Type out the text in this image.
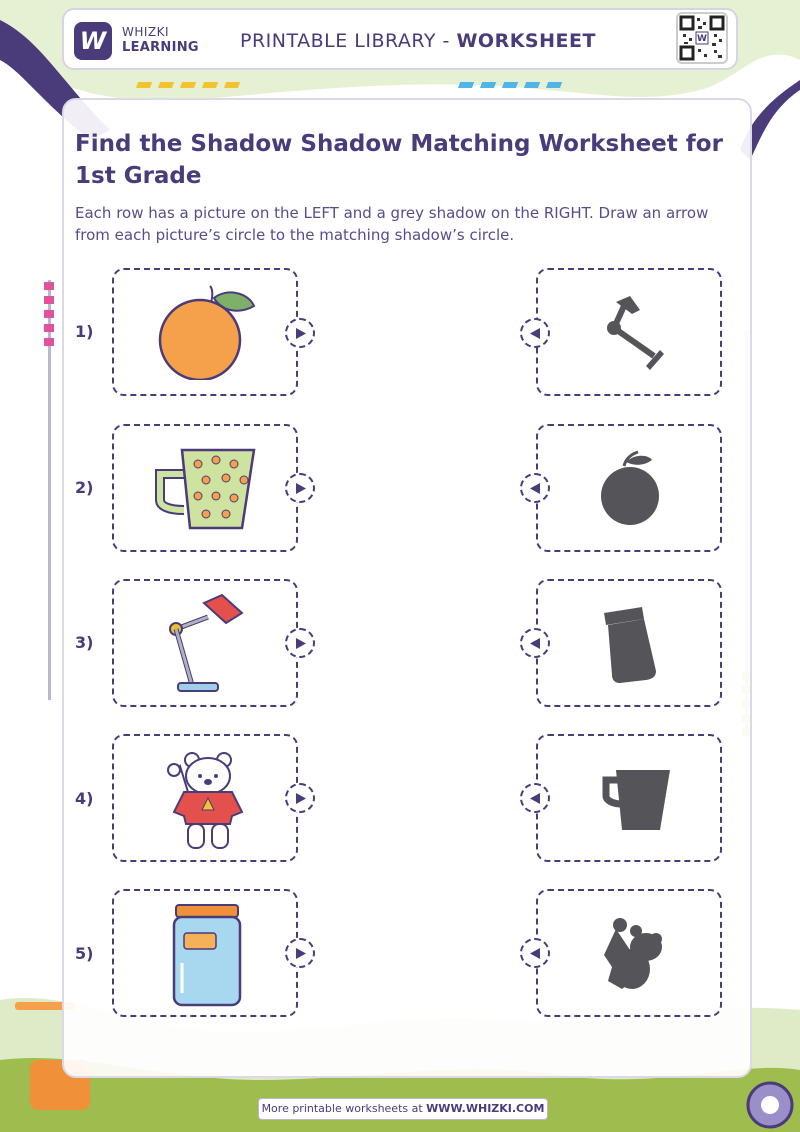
W	WHIZKI
LEARNING PRINTABLE LIBRARY - WORKSHEET	W
Find the Shadow Shadow Matching Worksheet for 1st Grade
Each row has a picture on the LEFT and a grey shadow on the RIGHT. Draw an arrow from each picture’s circle to the matching shadow’s circle.
1)
2)
3)
4)
5)
More printable worksheets at WWW.WHIZKI.COM
